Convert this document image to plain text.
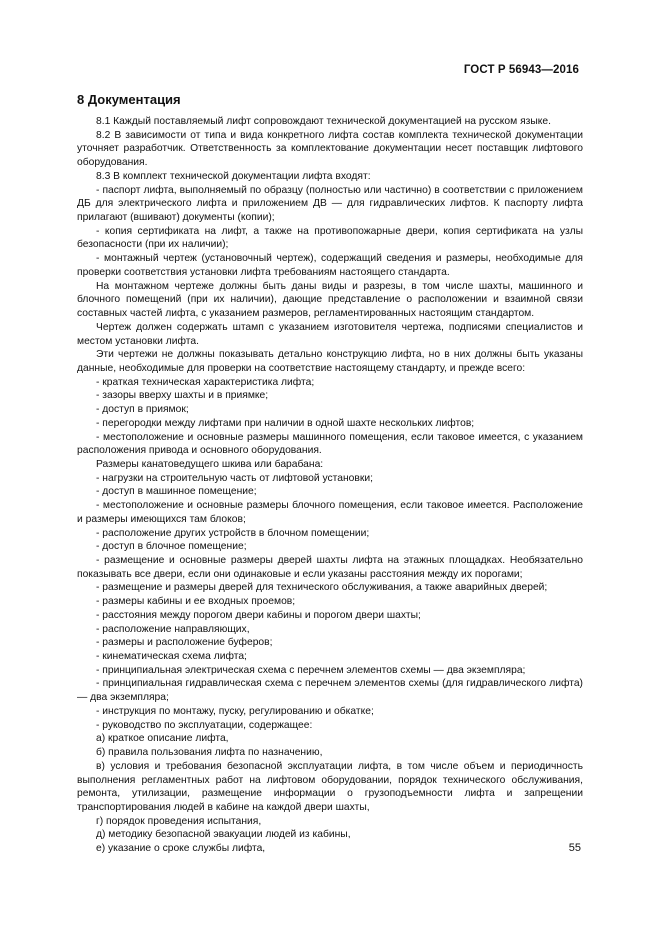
ГОСТ Р 56943—2016
8 Документация

8.1 Каждый поставляемый лифт сопровождают технической документацией на русском языке.

8.2 В зависимости от типа и вида конкретного лифта состав комплекта технической документации уточняет разработчик. Ответственность за комплектование документации несет поставщик лифтового оборудования.

8.3 В комплект технической документации лифта входят:

- паспорт лифта, выполняемый по образцу (полностью или частично) в соответствии с приложением ДБ для электрического лифта и приложением ДВ — для гидравлических лифтов. К паспорту лифта прилагают (вшивают) документы (копии);

- копия сертификата на лифт, а также на противопожарные двери, копия сертификата на узлы безопасности (при их наличии);

- монтажный чертеж (установочный чертеж), содержащий сведения и размеры, необходимые для проверки соответствия установки лифта требованиям настоящего стандарта.

На монтажном чертеже должны быть даны виды и разрезы, в том числе шахты, машинного и блочного помещений (при их наличии), дающие представление о расположении и взаимной связи составных частей лифта, с указанием размеров, регламентированных настоящим стандартом.

Чертеж должен содержать штамп с указанием изготовителя чертежа, подписями специалистов и местом установки лифта.

Эти чертежи не должны показывать детально конструкцию лифта, но в них должны быть указаны данные, необходимые для проверки на соответствие настоящему стандарту, и прежде всего:

- краткая техническая характеристика лифта;

- зазоры вверху шахты и в приямке;

- доступ в приямок;

- перегородки между лифтами при наличии в одной шахте нескольких лифтов;

- местоположение и основные размеры машинного помещения, если таковое имеется, с указанием расположения привода и основного оборудования.

Размеры канатоведущего шкива или барабана:

- нагрузки на строительную часть от лифтовой установки;

- доступ в машинное помещение;

- местоположение и основные размеры блочного помещения, если таковое имеется. Расположение и размеры имеющихся там блоков;

- расположение других устройств в блочном помещении;

- доступ в блочное помещение;

- размещение и основные размеры дверей шахты лифта на этажных площадках. Необязательно показывать все двери, если они одинаковые и если указаны расстояния между их порогами;

- размещение и размеры дверей для технического обслуживания, а также аварийных дверей;

- размеры кабины и ее входных проемов;

- расстояния между порогом двери кабины и порогом двери шахты;

- расположение направляющих,

- размеры и расположение буферов;

- кинематическая схема лифта;

- принципиальная электрическая схема с перечнем элементов схемы — два экземпляра;

- принципиальная гидравлическая схема с перечнем элементов схемы (для гидравлического лифта) — два экземпляра;

- инструкция по монтажу, пуску, регулированию и обкатке;

- руководство по эксплуатации, содержащее:

а) краткое описание лифта,

б) правила пользования лифта по назначению,

в) условия и требования безопасной эксплуатации лифта, в том числе объем и периодичность выполнения регламентных работ на лифтовом оборудовании, порядок технического обслуживания, ремонта, утилизации, размещение информации о грузоподъемности лифта и запрещении транспортирования людей в кабине на каждой двери шахты,

г) порядок проведения испытания,

д) методику безопасной эвакуации людей из кабины,

е) указание о сроке службы лифта,	55
